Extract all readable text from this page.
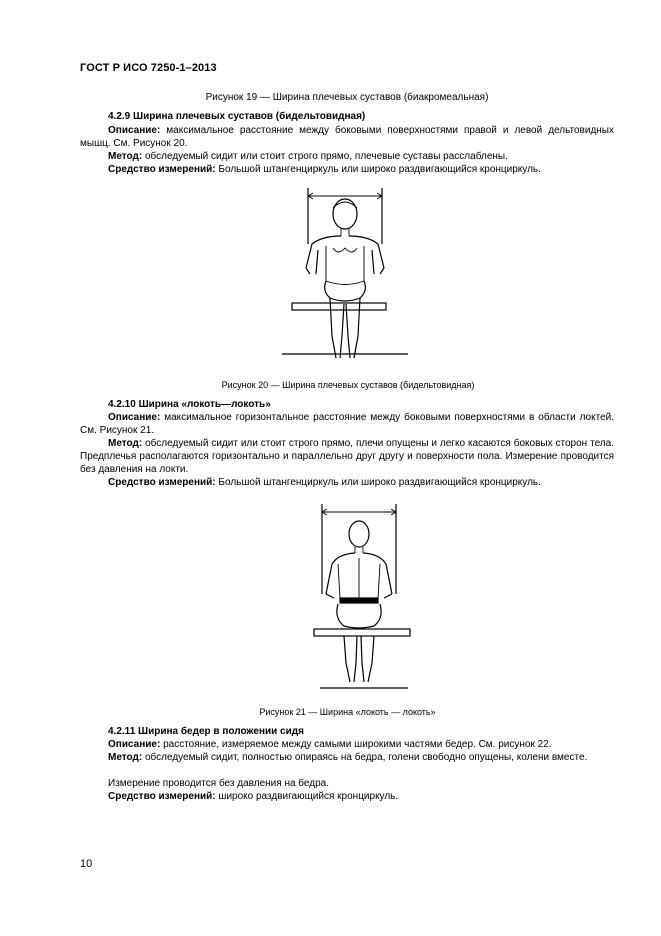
ГОСТ Р ИСО 7250-1–2013
Рисунок 19 — Ширина плечевых суставов (биакромеальная)
4.2.9 Ширина плечевых суставов (бидельтовидная)
Описание: максимальное расстояние между боковыми поверхностями правой и левой дельтовидных мышц. См. Рисунок 20.
Метод: обследуемый сидит или стоит строго прямо, плечевые суставы расслаблены.
Средство измерений: Большой штангенциркуль или широко раздвигающийся кронциркуль.
Рисунок 20 — Ширина плечевых суставов (бидельтовидная)
4.2.10 Ширина «локоть—локоть»
Описание: максимальное горизонтальное расстояние между боковыми поверхностями в области локтей. См. Рисунок 21.
Метод: обследуемый сидит или стоит строго прямо, плечи опущены и легко касаются боковых сторон тела. Предплечья располагаются горизонтально и параллельно друг другу и поверхности пола. Измерение проводится без давления на локти.
Средство измерений: Большой штангенциркуль или широко раздвигающийся кронциркуль.
Рисунок 21 — Ширина «локоть — локоть»
4.2.11 Ширина бедер в положении сидя
Описание: расстояние, измеряемое между самыми широкими частями бедер. См. рисунок 22.
Метод: обследуемый сидит, полностью опираясь на бедра, голени свободно опущены, колени вместе.
Измерение проводится без давления на бедра.
Средство измерений: широко раздвигающийся кронциркуль.
10
